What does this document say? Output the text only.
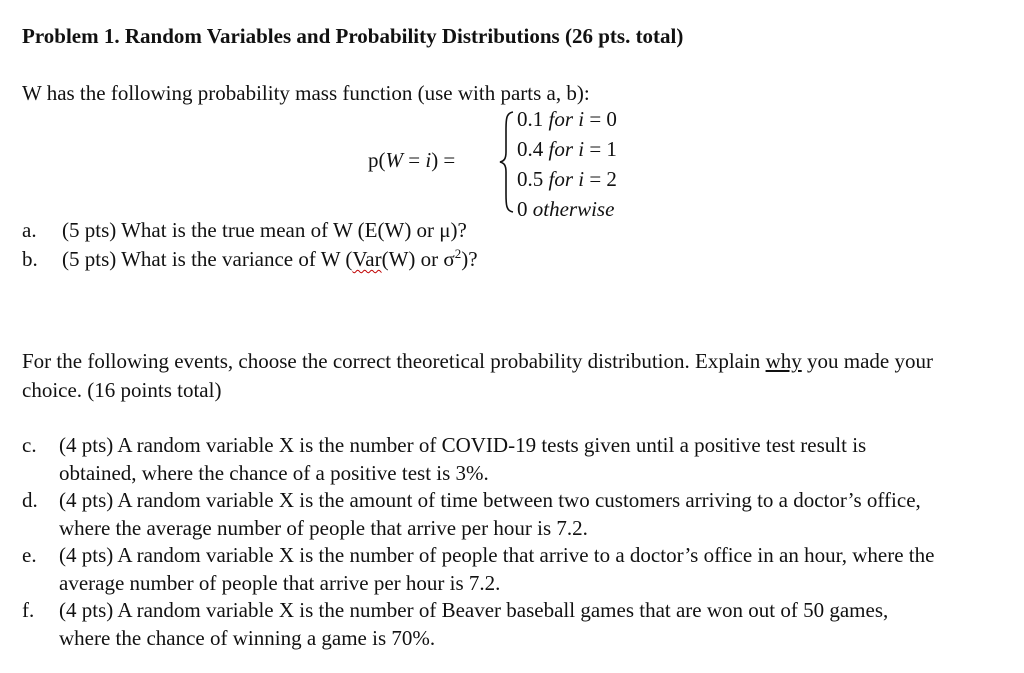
Problem 1. Random Variables and Probability Distributions (26 pts. total)
W has the following probability mass function (use with parts a, b):
p(W = i) =
0.1 for i = 0
0.4 for i = 1
0.5 for i = 2
0 otherwise
a. (5 pts) What is the true mean of W (E(W) or μ)?
b. (5 pts) What is the variance of W (Var(W) or $\sigma^2$)?
For the following events, choose the correct theoretical probability distribution. Explain why you made your choice. (16 points total)
c. (4 pts) A random variable X is the number of COVID-19 tests given until a positive test result is obtained, where the chance of a positive test is 3%.
d. (4 pts) A random variable X is the amount of time between two customers arriving to a doctor’s office, where the average number of people that arrive per hour is 7.2.
e. (4 pts) A random variable X is the number of people that arrive to a doctor’s office in an hour, where the average number of people that arrive per hour is 7.2.
f. (4 pts) A random variable X is the number of Beaver baseball games that are won out of 50 games, where the chance of winning a game is 70%.
